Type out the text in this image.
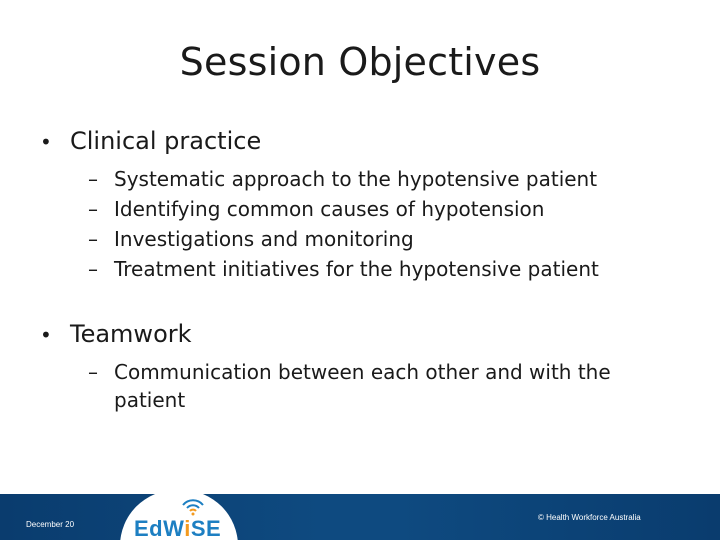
Session Objectives
• Clinical practice
– Systematic approach to the hypotensive patient
– Identifying common causes of hypotension
– Investigations and monitoring
– Treatment initiatives for the hypotensive patient
• Teamwork
– Communication between each other and with the patient
December 20
© Health Workforce Australia
EdWiSE
